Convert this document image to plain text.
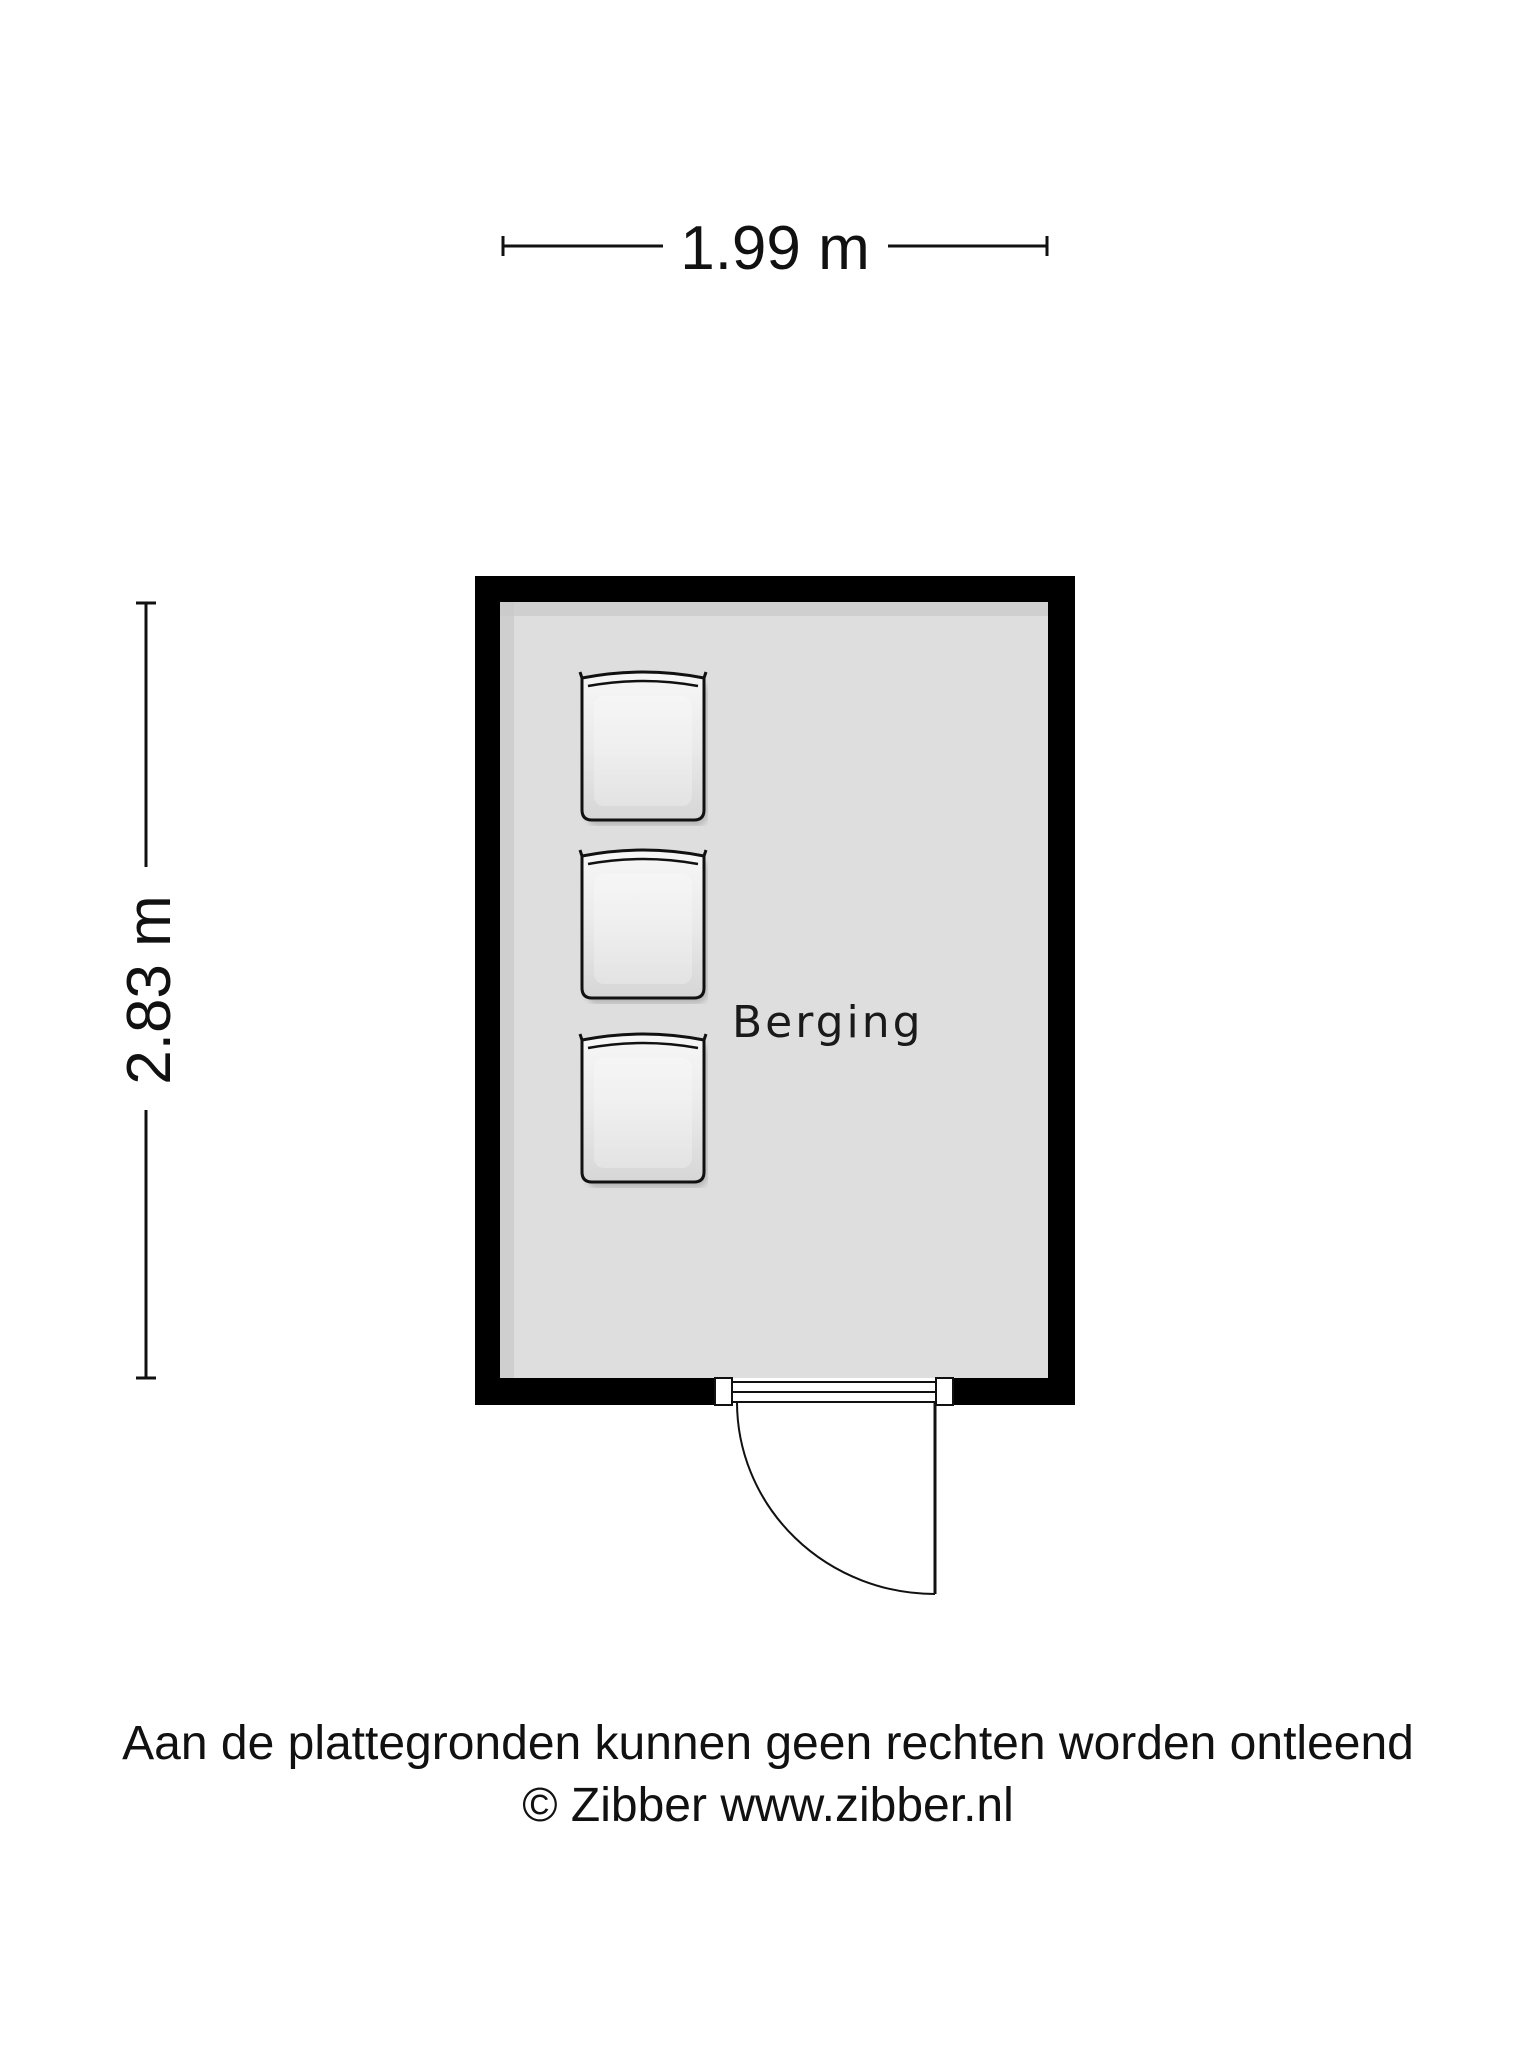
1.99 m
2.83 m	Berging
Aan de plattegronden kunnen geen rechten worden ontleend
© Zibber www.zibber.nl
